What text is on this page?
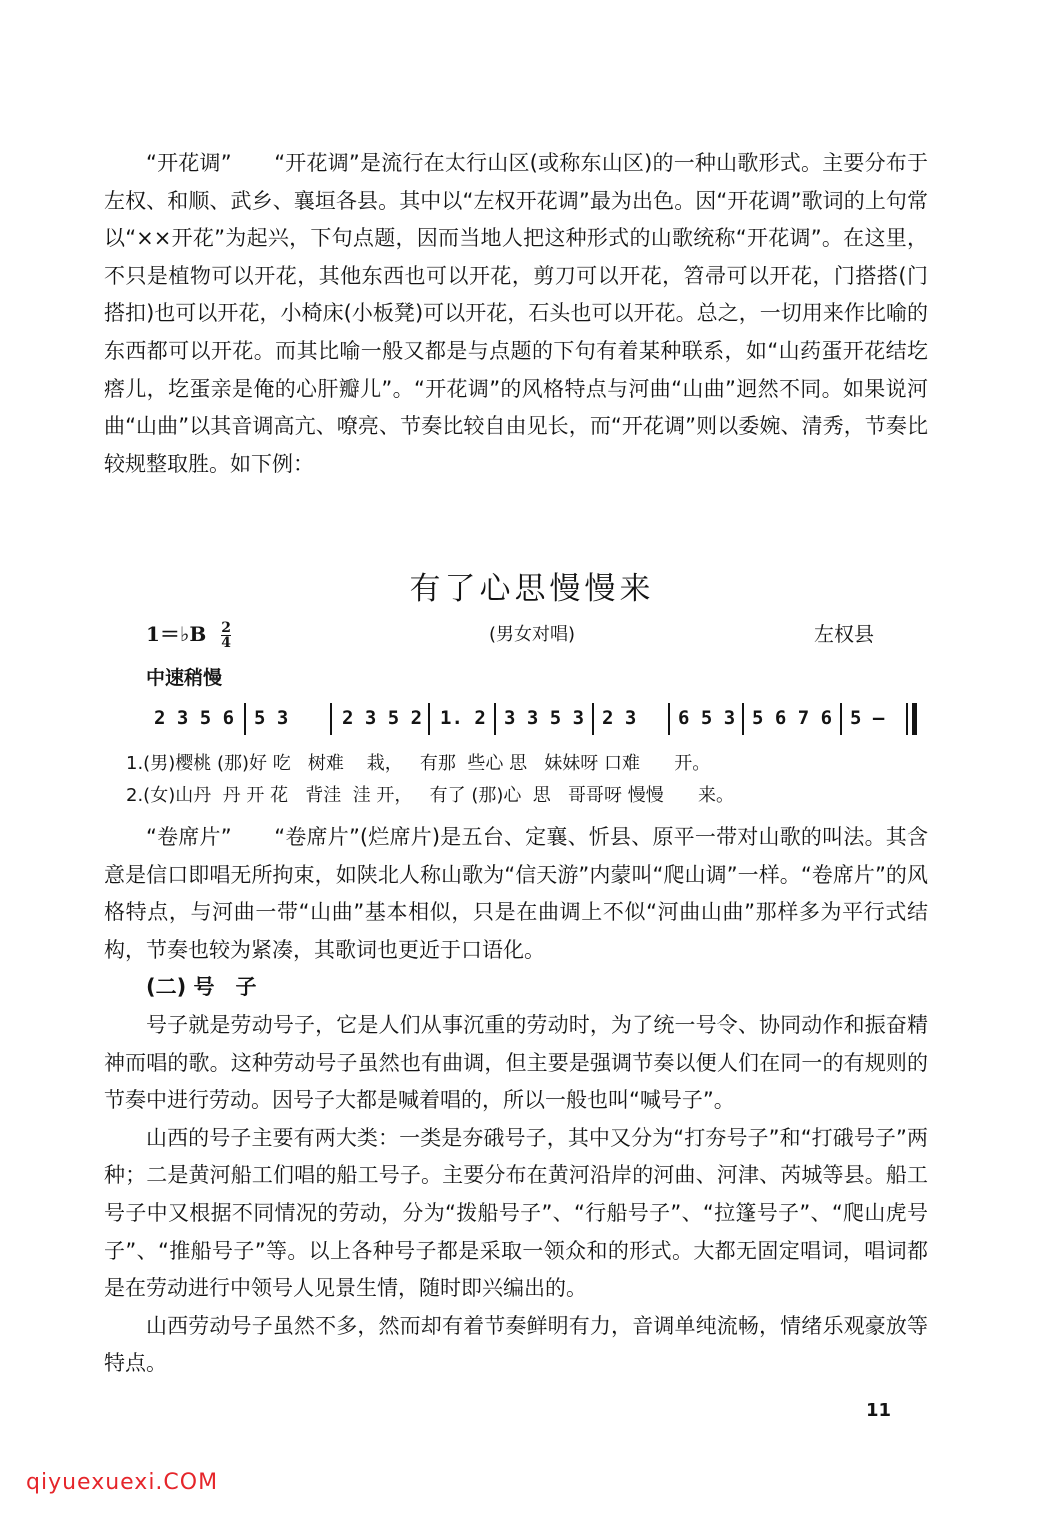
“开花调”　　“开花调”是流行在太行山区(或称东山区)的一种山歌形式。主要分布于左权、和顺、武乡、襄垣各县。其中以“左权开花调”最为出色。因“开花调”歌词的上句常以“××开花”为起兴，下句点题，因而当地人把这种形式的山歌统称“开花调”。在这里，不只是植物可以开花，其他东西也可以开花，剪刀可以开花，笤帚可以开花，门搭搭(门搭扣)也可以开花，小椅床(小板凳)可以开花，石头也可以开花。总之，一切用来作比喻的东西都可以开花。而其比喻一般又都是与点题的下句有着某种联系，如“山药蛋开花结圪瘩儿，圪蛋亲是俺的心肝瓣儿”。“开花调”的风格特点与河曲“山曲”迥然不同。如果说河曲“山曲”以其音调高亢、嘹亮、节奏比较自由见长，而“开花调”则以委婉、清秀，节奏比较规整取胜。如下例：

有了心思慢慢来
1＝♭B $\frac{2}{4}$	(男女对唱)	左权县
中速稍慢
2 3 5 6 5 3	2 3 5 2 1. 2 3 3 5 3 2 3 6 5 3 5 6 7 6 5 –
1.(男)樱桃 (那)好 吃   树难    栽，   有那  些心 思   妹妹呀 口难      开。
2.(女)山丹  丹 开 花   背洼  洼 开，   有了 (那)心  思   哥哥呀 慢慢      来。

“卷席片”　　“卷席片”(烂席片)是五台、定襄、忻县、原平一带对山歌的叫法。其含意是信口即唱无所拘束，如陕北人称山歌为“信天游”内蒙叫“爬山调”一样。“卷席片”的风格特点，与河曲一带“山曲”基本相似，只是在曲调上不似“河曲山曲”那样多为平行式结构，节奏也较为紧凑，其歌词也更近于口语化。

(二) 号　子

号子就是劳动号子，它是人们从事沉重的劳动时，为了统一号令、协同动作和振奋精神而唱的歌。这种劳动号子虽然也有曲调，但主要是强调节奏以便人们在同一的有规则的节奏中进行劳动。因号子大都是喊着唱的，所以一般也叫“喊号子”。

山西的号子主要有两大类：一类是夯硪号子，其中又分为“打夯号子”和“打硪号子”两种；二是黄河船工们唱的船工号子。主要分布在黄河沿岸的河曲、河津、芮城等县。船工号子中又根据不同情况的劳动，分为“拨船号子”、“行船号子”、“拉篷号子”、“爬山虎号子”、“推船号子”等。以上各种号子都是采取一领众和的形式。大都无固定唱词，唱词都是在劳动进行中领号人见景生情，随时即兴编出的。

山西劳动号子虽然不多，然而却有着节奏鲜明有力，音调单纯流畅，情绪乐观豪放等特点。

11
qiyuexuexi.COM
